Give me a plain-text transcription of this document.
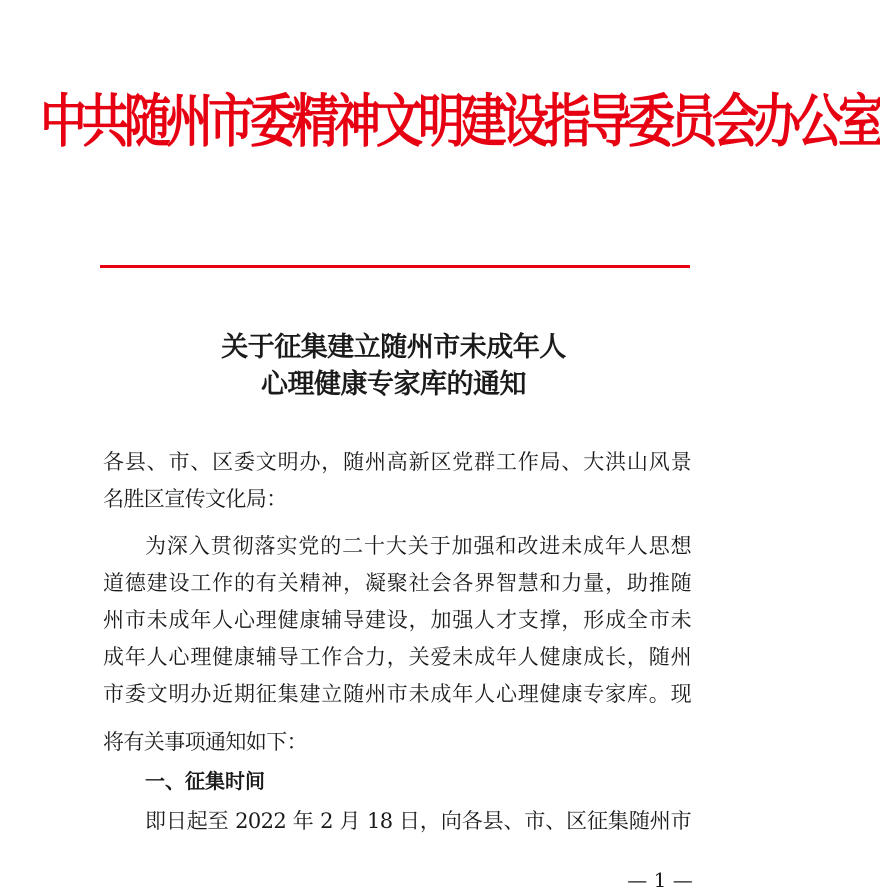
中共随州市委精神文明建设指导委员会办公室
关于征集建立随州市未成年人
心理健康专家库的通知
各县、市、区委文明办，随州高新区党群工作局、大洪山风景
名胜区宣传文化局：
为深入贯彻落实党的二十大关于加强和改进未成年人思想
道德建设工作的有关精神，凝聚社会各界智慧和力量，助推随
州市未成年人心理健康辅导建设，加强人才支撑，形成全市未
成年人心理健康辅导工作合力，关爱未成年人健康成长，随州
市委文明办近期征集建立随州市未成年人心理健康专家库。现
将有关事项通知如下：
一、征集时间
即日起至 2022 年 2 月 18 日，向各县、市、区征集随州市
— 1 —
